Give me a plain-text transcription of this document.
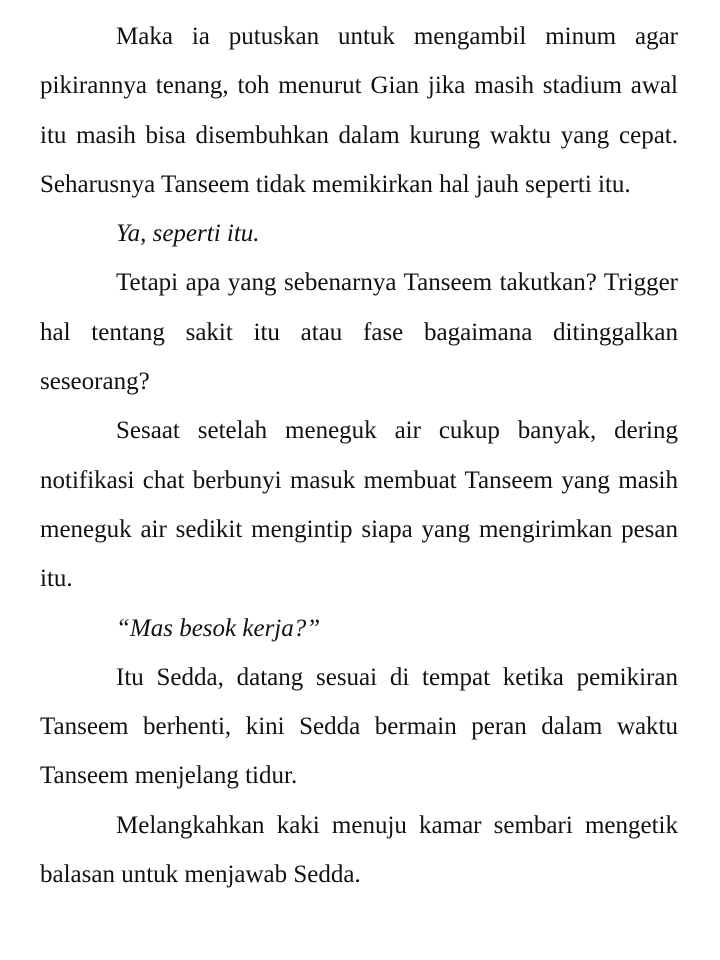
Maka ia putuskan untuk mengambil minum agar pikirannya tenang, toh menurut Gian jika masih stadium awal itu masih bisa disembuhkan dalam kurung waktu yang cepat. Seharusnya Tanseem tidak memikirkan hal jauh seperti itu.

Ya, seperti itu.

Tetapi apa yang sebenarnya Tanseem takutkan? Trigger hal tentang sakit itu atau fase bagaimana ditinggalkan seseorang?

Sesaat setelah meneguk air cukup banyak, dering notifikasi chat berbunyi masuk membuat Tanseem yang masih meneguk air sedikit mengintip siapa yang mengirimkan pesan itu.

“Mas besok kerja?”

Itu Sedda, datang sesuai di tempat ketika pemikiran Tanseem berhenti, kini Sedda bermain peran dalam waktu Tanseem menjelang tidur.

Melangkahkan kaki menuju kamar sembari mengetik balasan untuk menjawab Sedda.
